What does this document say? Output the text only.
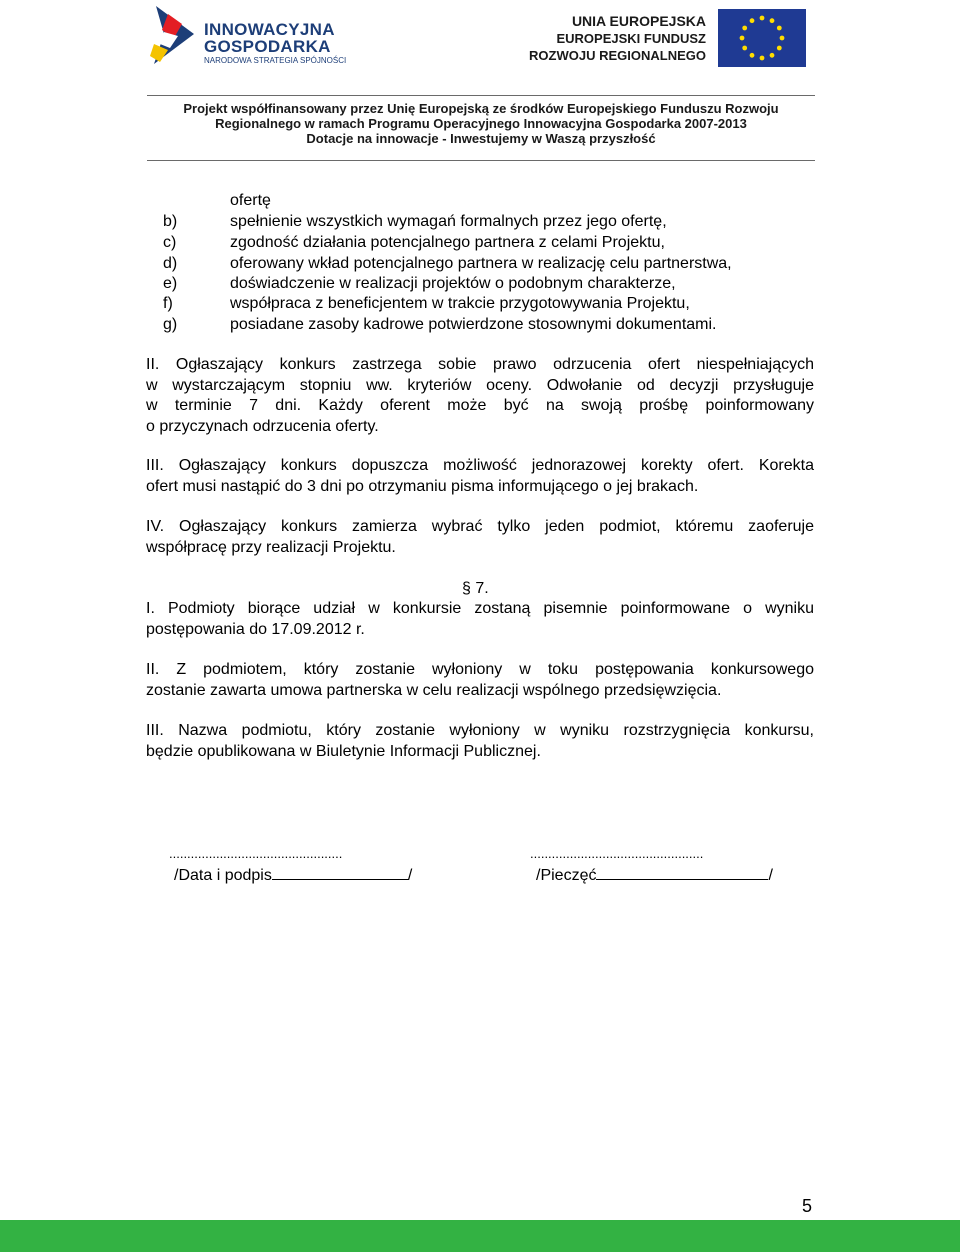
INNOWACYJNA
GOSPODARKA
NARODOWA STRATEGIA SPÓJNOŚCI
UNIA EUROPEJSKA
EUROPEJSKI FUNDUSZ
ROZWOJU REGIONALNEGO
Projekt współfinansowany przez Unię Europejską ze środków Europejskiego Funduszu Rozwoju
Regionalnego w ramach Programu Operacyjnego Innowacyjna Gospodarka 2007-2013
Dotacje na innowacje - Inwestujemy w Waszą przyszłość
ofertę
b)	spełnienie wszystkich wymagań formalnych przez jego ofertę,
c)	zgodność działania potencjalnego partnera z celami Projektu,
d)	oferowany wkład potencjalnego partnera w realizację celu partnerstwa,
e)	doświadczenie w realizacji projektów o podobnym charakterze,
f)	współpraca z beneficjentem w trakcie przygotowywania Projektu,
g)	posiadane zasoby kadrowe potwierdzone stosownymi dokumentami.
II. Ogłaszający konkurs zastrzega sobie prawo odrzucenia ofert niespełniających
w wystarczającym stopniu ww. kryteriów oceny. Odwołanie od decyzji przysługuje
w terminie 7 dni. Każdy oferent może być na swoją prośbę poinformowany
o przyczynach odrzucenia oferty.
III. Ogłaszający konkurs dopuszcza możliwość jednorazowej korekty ofert. Korekta
ofert musi nastąpić do 3 dni po otrzymaniu pisma informującego o jej brakach.
IV. Ogłaszający konkurs zamierza wybrać tylko jeden podmiot, któremu zaoferuje
współpracę przy realizacji Projektu.
§ 7.
I. Podmioty biorące udział w konkursie zostaną pisemnie poinformowane o wyniku
postępowania do 17.09.2012 r.
II. Z podmiotem, który zostanie wyłoniony w toku postępowania konkursowego
zostanie zawarta umowa partnerska w celu realizacji wspólnego przedsięwzięcia.
III. Nazwa podmiotu, który zostanie wyłoniony w wyniku rozstrzygnięcia konkursu,
będzie opublikowana w Biuletynie Informacji Publicznej.
................................................	................................................
/Data i podpis	/	/Pieczęć	/
5
